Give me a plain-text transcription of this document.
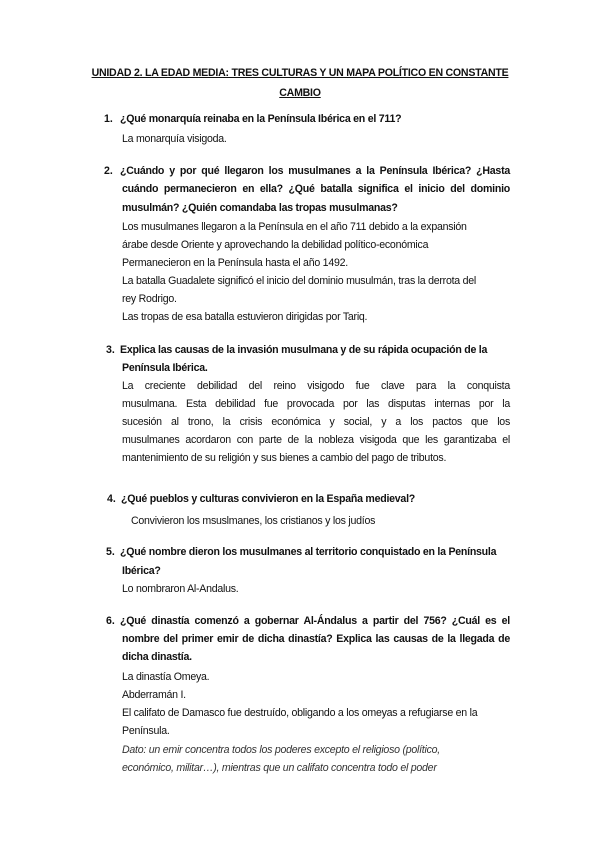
UNIDAD 2. LA EDAD MEDIA: TRES CULTURAS Y UN MAPA POLÍTICO EN CONSTANTE
CAMBIO
1. ¿Qué monarquía reinaba en la Península Ibérica en el 711?
La monarquía visigoda.
2. ¿Cuándo y por qué llegaron los musulmanes a la Península Ibérica? ¿Hasta
cuándo permanecieron en ella? ¿Qué batalla significa el inicio del dominio
musulmán? ¿Quién comandaba las tropas musulmanas?
Los musulmanes llegaron a la Península en el año 711 debido a la expansión
árabe desde Oriente y aprovechando la debilidad político-económica
Permanecieron en la Península hasta el año 1492.
La batalla Guadalete significó el inicio del dominio musulmán, tras la derrota del
rey Rodrigo.
Las tropas de esa batalla estuvieron dirigidas por Tariq.
3. Explica las causas de la invasión musulmana y de su rápida ocupación de la
Península Ibérica.
La creciente debilidad del reino visigodo fue clave para la conquista
musulmana. Esta debilidad fue provocada por las disputas internas por la
sucesión al trono, la crisis económica y social, y a los pactos que los
musulmanes acordaron con parte de la nobleza visigoda que les garantizaba el
mantenimiento de su religión y sus bienes a cambio del pago de tributos.
4. ¿Qué pueblos y culturas convivieron en la España medieval?
Convivieron los msuslmanes, los cristianos y los judíos
5. ¿Qué nombre dieron los musulmanes al territorio conquistado en la Península
Ibérica?
Lo nombraron Al-Andalus.
6. ¿Qué dinastía comenzó a gobernar Al-Ándalus a partir del 756? ¿Cuál es el
nombre del primer emir de dicha dinastía? Explica las causas de la llegada de
dicha dinastía.
La dinastía Omeya.
Abderramán I.
El califato de Damasco fue destruído, obligando a los omeyas a refugiarse en la
Península.
Dato: un emir concentra todos los poderes excepto el religioso (político,
económico, militar…), mientras que un califato concentra todo el poder
